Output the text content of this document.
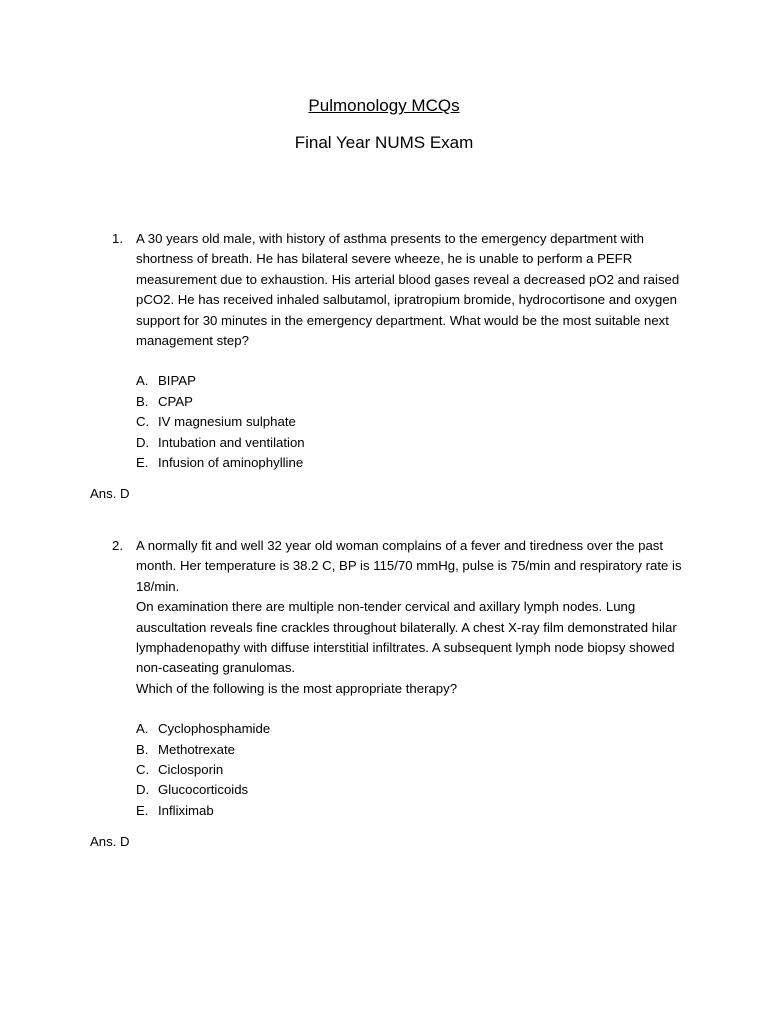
Pulmonology MCQs
Final Year NUMS Exam
1. A 30 years old male, with history of asthma presents to the emergency department with shortness of breath. He has bilateral severe wheeze, he is unable to perform a PEFR measurement due to exhaustion. His arterial blood gases reveal a decreased pO2 and raised pCO2. He has received inhaled salbutamol, ipratropium bromide, hydrocortisone and oxygen support for 30 minutes in the emergency department. What would be the most suitable next management step?

A. BIPAP
B. CPAP
C. IV magnesium sulphate
D. Intubation and ventilation
E. Infusion of aminophylline
Ans. D
2. A normally fit and well 32 year old woman complains of a fever and tiredness over the past month. Her temperature is 38.2 C, BP is 115/70 mmHg, pulse is 75/min and respiratory rate is 18/min.

On examination there are multiple non-tender cervical and axillary lymph nodes. Lung auscultation reveals fine crackles throughout bilaterally. A chest X-ray film demonstrated hilar lymphadenopathy with diffuse interstitial infiltrates. A subsequent lymph node biopsy showed non-caseating granulomas.

Which of the following is the most appropriate therapy?

A. Cyclophosphamide
B. Methotrexate
C. Ciclosporin
D. Glucocorticoids
E. Infliximab
Ans. D
